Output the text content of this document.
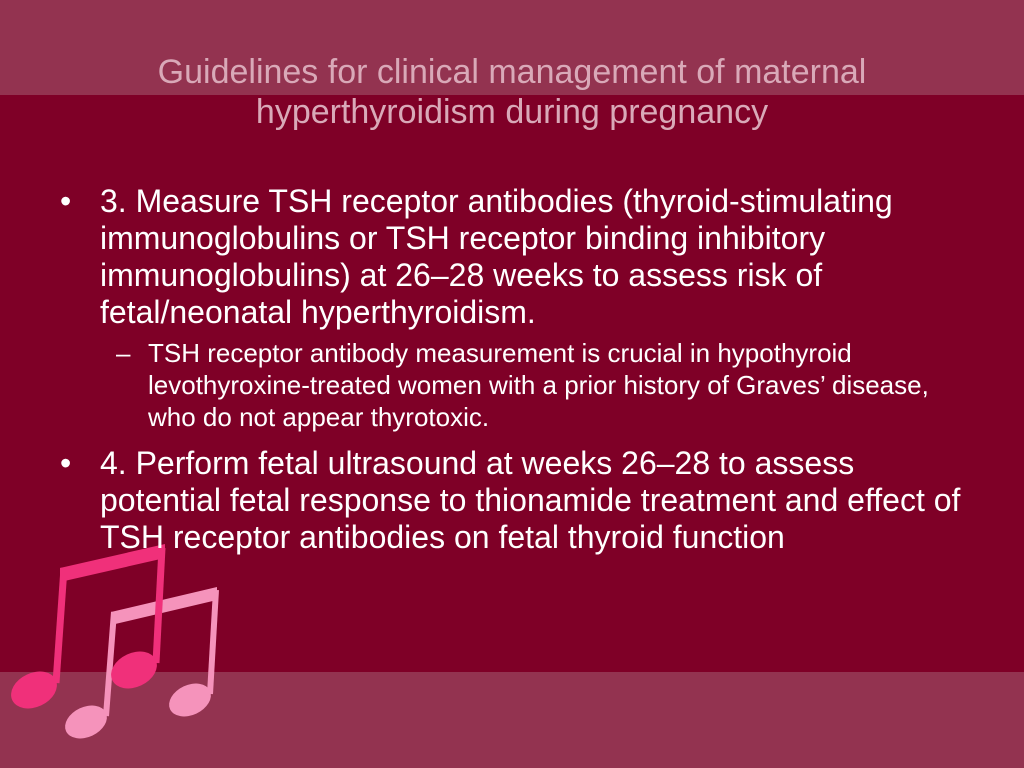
Guidelines for clinical management of maternal hyperthyroidism during pregnancy

• 3. Measure TSH receptor antibodies (thyroid-stimulating immunoglobulins or TSH receptor binding inhibitory immunoglobulins) at 26–28 weeks to assess risk of fetal/neonatal hyperthyroidism.

– TSH receptor antibody measurement is crucial in hypothyroid levothyroxine-treated women with a prior history of Graves’ disease, who do not appear thyrotoxic.

• 4. Perform fetal ultrasound at weeks 26–28 to assess potential fetal response to thionamide treatment and effect of TSH receptor antibodies on fetal thyroid function
